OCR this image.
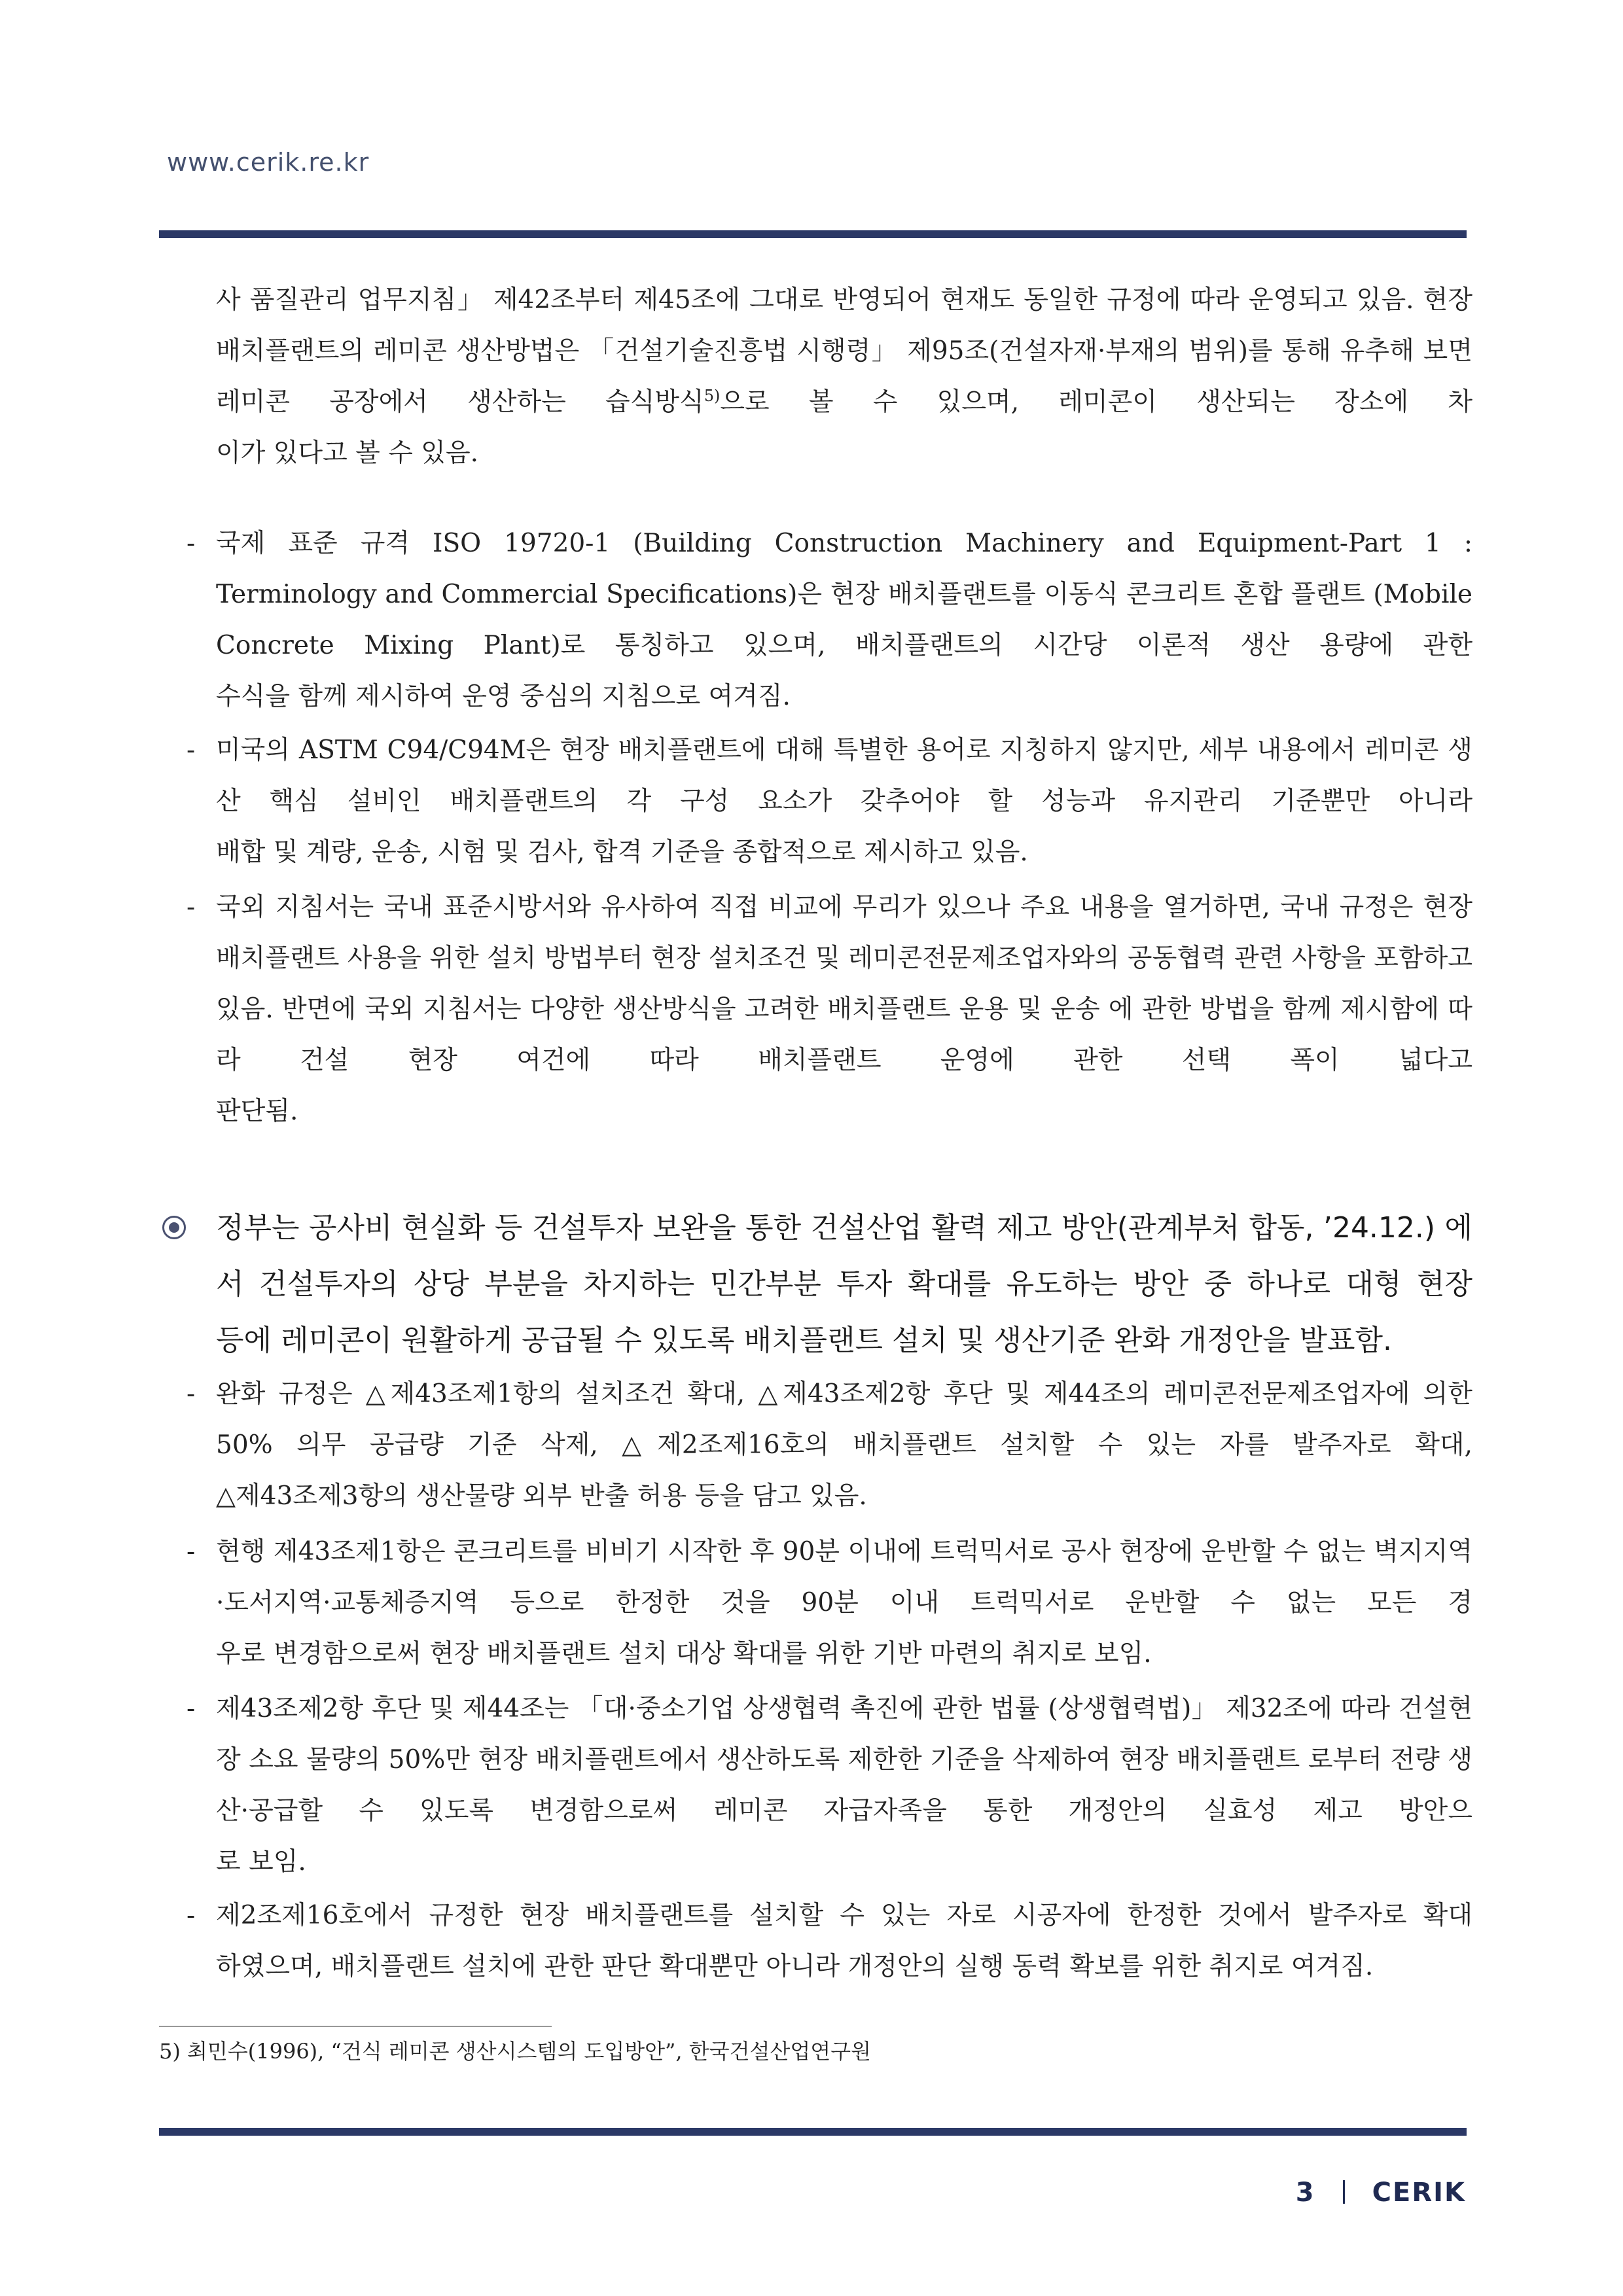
www.cerik.re.kr
사 품질관리 업무지침」 제42조부터 제45조에 그대로 반영되어 현재도 동일한 규정에 따라 운영되고 있음. 현장 배치플랜트의 레미콘 생산방법은 「건설기술진흥법 시행령」 제95조(건설자재·부재의 범위)를 통해 유추해 보면 레미콘 공장에서 생산하는 습식방식$^{5)}$으로 볼 수 있으며, 레미콘이 생산되는 장소에 차
이가 있다고 볼 수 있음.
- 국제 표준 규격 ISO 19720-1 (Building Construction Machinery and Equipment-Part 1 : Terminology and Commercial Specifications)은 현장 배치플랜트를 이동식 콘크리트 혼합 플랜트 (Mobile Concrete Mixing Plant)로 통칭하고 있으며, 배치플랜트의 시간당 이론적 생산 용량에 관한
수식을 함께 제시하여 운영 중심의 지침으로 여겨짐.
- 미국의 ASTM C94/C94M은 현장 배치플랜트에 대해 특별한 용어로 지칭하지 않지만, 세부 내용에서 레미콘 생산 핵심 설비인 배치플랜트의 각 구성 요소가 갖추어야 할 성능과 유지관리 기준뿐만 아니라
배합 및 계량, 운송, 시험 및 검사, 합격 기준을 종합적으로 제시하고 있음.
- 국외 지침서는 국내 표준시방서와 유사하여 직접 비교에 무리가 있으나 주요 내용을 열거하면, 국내 규정은 현장 배치플랜트 사용을 위한 설치 방법부터 현장 설치조건 및 레미콘전문제조업자와의 공동협력 관련 사항을 포함하고 있음. 반면에 국외 지침서는 다양한 생산방식을 고려한 배치플랜트 운용 및 운송 에 관한 방법을 함께 제시함에 따라 건설 현장 여건에 따라 배치플랜트 운영에 관한 선택 폭이 넓다고
판단됨.
정부는 공사비 현실화 등 건설투자 보완을 통한 건설산업 활력 제고 방안(관계부처 합동, ’24.12.) 에서 건설투자의 상당 부분을 차지하는 민간부분 투자 확대를 유도하는 방안 중 하나로 대형 현장
등에 레미콘이 원활하게 공급될 수 있도록 배치플랜트 설치 및 생산기준 완화 개정안을 발표함.
- 완화 규정은 △제43조제1항의 설치조건 확대, △제43조제2항 후단 및 제44조의 레미콘전문제조업자에 의한 50% 의무 공급량 기준 삭제, △제2조제16호의 배치플랜트 설치할 수 있는 자를 발주자로 확대,
△제43조제3항의 생산물량 외부 반출 허용 등을 담고 있음.
- 현행 제43조제1항은 콘크리트를 비비기 시작한 후 90분 이내에 트럭믹서로 공사 현장에 운반할 수 없는 벽지지역·도서지역·교통체증지역 등으로 한정한 것을 90분 이내 트럭믹서로 운반할 수 없는 모든 경
우로 변경함으로써 현장 배치플랜트 설치 대상 확대를 위한 기반 마련의 취지로 보임.
- 제43조제2항 후단 및 제44조는 「대·중소기업 상생협력 촉진에 관한 법률 (상생협력법)」 제32조에 따라 건설현장 소요 물량의 50%만 현장 배치플랜트에서 생산하도록 제한한 기준을 삭제하여 현장 배치플랜트 로부터 전량 생산·공급할 수 있도록 변경함으로써 레미콘 자급자족을 통한 개정안의 실효성 제고 방안으
로 보임.
- 제2조제16호에서 규정한 현장 배치플랜트를 설치할 수 있는 자로 시공자에 한정한 것에서 발주자로 확대
하였으며, 배치플랜트 설치에 관한 판단 확대뿐만 아니라 개정안의 실행 동력 확보를 위한 취지로 여겨짐.
5) 최민수(1996), “건식 레미콘 생산시스템의 도입방안”, 한국건설산업연구원
3 CERIK
